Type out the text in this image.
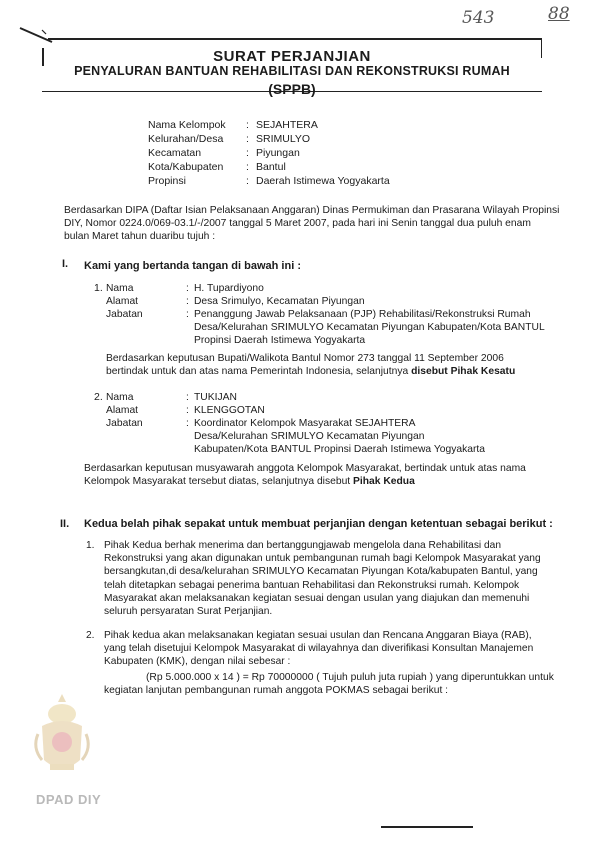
543	88
SURAT PERJANJIAN
PENYALURAN BANTUAN REHABILITASI DAN REKONSTRUKSI RUMAH
(SPPB)
Nama Kelompok	: SEJAHTERA
Kelurahan/Desa	: SRIMULYO
Kecamatan	: Piyungan
Kota/Kabupaten	: Bantul
Propinsi	: Daerah Istimewa Yogyakarta
Berdasarkan DIPA (Daftar Isian Pelaksanaan Anggaran) Dinas Permukiman dan Prasarana Wilayah Propinsi
DIY, Nomor 0224.0/069-03.1/-/2007 tanggal 5 Maret 2007, pada hari ini Senin tanggal dua puluh enam
bulan Maret tahun duaribu tujuh :
I. Kami yang bertanda tangan di bawah ini :
1. Nama	: H. Tupardiyono
Alamat	: Desa Srimulyo, Kecamatan Piyungan
Jabatan	: Penanggung Jawab Pelaksanaan (PJP) Rehabilitasi/Rekonstruksi Rumah
Desa/Kelurahan SRIMULYO Kecamatan Piyungan Kabupaten/Kota BANTUL
Propinsi Daerah Istimewa Yogyakarta
Berdasarkan keputusan Bupati/Walikota Bantul Nomor 273 tanggal 11 September 2006
bertindak untuk dan atas nama Pemerintah Indonesia, selanjutnya disebut Pihak Kesatu
2. Nama	: TUKIJAN
Alamat	: KLENGGOTAN
Jabatan	: Koordinator Kelompok Masyarakat SEJAHTERA
Desa/Kelurahan SRIMULYO Kecamatan Piyungan
Kabupaten/Kota BANTUL Propinsi Daerah Istimewa Yogyakarta
Berdasarkan keputusan musyawarah anggota Kelompok Masyarakat, bertindak untuk atas nama
Kelompok Masyarakat tersebut diatas, selanjutnya disebut Pihak Kedua
II. Kedua belah pihak sepakat untuk membuat perjanjian dengan ketentuan sebagai berikut :
1. Pihak Kedua berhak menerima dan bertanggungjawab mengelola dana Rehabilitasi dan
Rekonstruksi yang akan digunakan untuk pembangunan rumah bagi Kelompok Masyarakat yang
bersangkutan,di desa/kelurahan SRIMULYO Kecamatan Piyungan Kota/kabupaten Bantul, yang
telah ditetapkan sebagai penerima bantuan Rehabilitasi dan Rekonstruksi rumah. Kelompok
Masyarakat akan melaksanakan kegiatan sesuai dengan usulan yang diajukan dan memenuhi
seluruh persyaratan Surat Perjanjian.
2. Pihak kedua akan melaksanakan kegiatan sesuai usulan dan Rencana Anggaran Biaya (RAB),
yang telah disetujui Kelompok Masyarakat di wilayahnya dan diverifikasi Konsultan Manajemen
Kabupaten (KMK), dengan nilai sebesar :
(Rp 5.000.000 x 14 ) = Rp 70000000 ( Tujuh puluh juta rupiah ) yang diperuntukkan untuk
kegiatan lanjutan pembangunan rumah anggota POKMAS sebagai berikut :
DPAD DIY
